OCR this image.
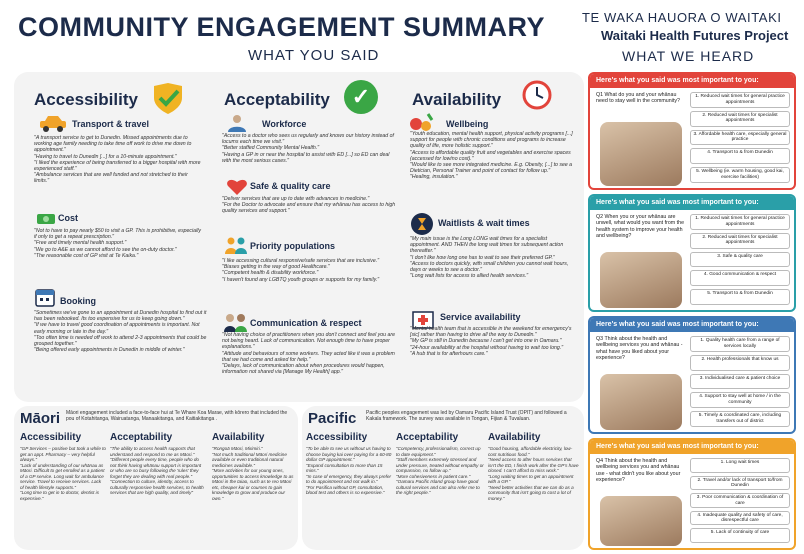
COMMUNITY ENGAGEMENT SUMMARY
WHAT YOU SAID
TE WAKA HAUORA O WAITAKI
Waitaki Health Futures Project
WHAT WE HEARD
Accessibility
Transport & travel
"A transport service to get to Dunedin. Missed appointments due to working age family needing to take time off work to drive me down to appointment."
"Having to travel to Dunedin [...] for a 10-minute appointment."
"I liked the experience of being transferred to a bigger hospital with more experienced staff."
"Ambulance services that are well funded and not stretched to their limits."
Cost
"Not to have to pay nearly $50 to visit a GP. This is prohibitive, especially if only to get a repeat prescription."
"Free and timely mental health support."
"We go to A&E as we cannot afford to see the on-duty doctor."
"The reasonable cost of GP visit at Te Kaika."
Booking
"Sometimes we've gone to an appointment at Dunedin hospital to find out it has been rebooked. Its too expensive for us to keep going down."
"If we have to travel good coordination of appointments is important. Not early morning or late in the day."
"Too often time is needed off work to attend 2-3 appointments that could be grouped together."
"Being offered early appointments in Dunedin in middle of winter."
Acceptability ✓
Workforce
"Access to a doctor who sees us regularly and knows our history instead of locums each time we visit."
"Better staffed Community Mental Health."
"Having a GP in or near the hospital to assist with ED [...] so ED can deal with the most serious cases."
Safe & quality care
"Deliver services that are up to date with advances in medicine."
"For the Doctor to advocate and ensure that my whānau has access to high quality services and support."
Priority populations
"I like accessing cultural responsive/safe services that are inclusive."
"Biases getting in the way of good Healthcare."
"Competent health & disability workforce."
"I haven't found any LGBTQ youth groups or supports for my family."
Communication & respect
"Not having choice of practitioners when you don't connect and feel you are not being heard. Lack of communication. Not enough time to have proper explanations."
"Attitude and behaviours of some workers. They acted like it was a problem that we had come and asked for help."
"Delays, lack of communication about when procedures would happen, information not shared via [Manage My Health] app."
Availability
Wellbeing
"Youth education, mental health support, physical activity programs [...] support for people with chronic conditions and programs to increase quality of life, more holistic support."
"Access to affordable quality fruit and vegetables and exercise spaces (accessed for low/no cost)."
"Would like to see more integrated medicine. E.g. Obesity, [...] to see a Dietician, Personal Trainer and point of contact for follow up."
"Healing, insulation."
Waitlists & wait times
"My main issue is the Long LONG wait times for a specialist appointment. AND THEN the long wait times for subsequent action thereafter."
"I don't like how long one has to wait to see their preferred GP."
"Access to doctors quickly, with small children you cannot wait hours, days or weeks to see a doctor."
"Long wait lists for access to allied health services."
Service availability
"Mental health team that is accessible in the weekend for emergency's [sic] rather than having to drive all the way to Dunedin."
"My GP is still in Dunedin because I can't get into one in Oamaru."
"24-hour availability at the hospital without having to wait too long."
"A hub that is for afterhours care."
Māori Māori engagement included a face-to-face hui at Te Whare Koa Marae, with kōrero that included the pou of Kotahitanga, Wairuatanga, Manaakitanga, and Kaitiakitanga .
Accessibility
"GP Services – positive but took a while to get an appt. Pharmacy – very helpful always."
"Lack of understanding of our whānau as Māori. Difficult to get enrolled as a patient of a GP service. Long wait for ambulance service. Travel to receive services. Lack of health lifestyle supports."
"Long time to get in to doctor, dentist is expensive."
Acceptability
"The ability to access health supports that understand and respond to me as Māori."
"Different people every time, people who do not think having whānau support is important or who are so busy following the 'rules' they forget they are dealing with real people."
"Connection to culture, identity, access to culturally responsive health services, to health services that are high quality, and timely"
Availability
"Rongoā Māori, Mirimiri."
"Not much traditional Māori medicine available or even traditional natural medicines available."
"More activities for our young ones, opportunities to access knowledge to as Māori in the taiao, such as te reo Māori etc, cheaper kai or courses to gain knowledge to grow and produce our own."
Pacific Pacific peoples engagement was led by Oamaru Pacific Island Trust (OPIT) and followed a Kakala framework. The survey was available in Tongan, Fijian & Tuvaluan.
Accessibility
"To be able to see us without us having to choose buying kai over paying for a 60-80 dollar GP appointment."
"Expand consultation to more than 15 mins."
"In case of emergency, they always prefer to do appointment and not walk in."
"For Pasifica without GP, consultation, blood test and others is so expensive."
Acceptability
"Competency, professionalism, correct up to date equipment."
"Staff members extremely stressed and under pressure, treated without empathy or compassion, no follow up."
"More cohesiveness in patient care."
"Oamaru Pacific Island group have good cultural services and can also refer me to the right people."
Availability
"Good housing, affordable electricity, low-cost nutritious food."
"Need access to after hours services that isn't the ED, I finish work after the GP's have closed. I can't afford to miss work."
"Long waiting times to get an appointment with a GP."
"Need better activities that we can do as a community that isn't going to cost a lot of money."
Here's what you said was most important to you:
Q1 What do you and your whānau need to stay well in the community?
1. Reduced wait times for general practice appointments
2. Reduced wait times for specialist appointments
3. Affordable health care, especially general practice
4. Transport to & from Dunedin
5. Wellbeing (ie. warm housing, good kai, exercise facilities)
Here's what you said was most important to you:
Q2 When you or your whānau are unwell, what would you want from the health system to improve your health and wellbeing?
1. Reduced wait times for general practice appointments
2. Reduced wait times for specialist appointments
3. Safe & quality care
4. Good communication & respect
5. Transport to & from Dunedin
Here's what you said was most important to you:
Q3 Think about the health and wellbeing services you and whānau - what have you liked about your experience?
1. Quality health care from a range of services locally
2. Health professionals that know us
3. Individualised care & patient choice
4. Support to stay well at home / in the community
5. Timely & coordinated care, including transfers out of district
Here's what you said was most important to you:
Q4 Think about the health and wellbeing services you and whānau use - what didn't you like about your experience?
1. Long wait times
2. Travel and/or lack of transport to/from Dunedin
3. Poor communication & coordination of care
4. Inadequate quality and safety of care, disrespectful care
5. Lack of continuity of care
